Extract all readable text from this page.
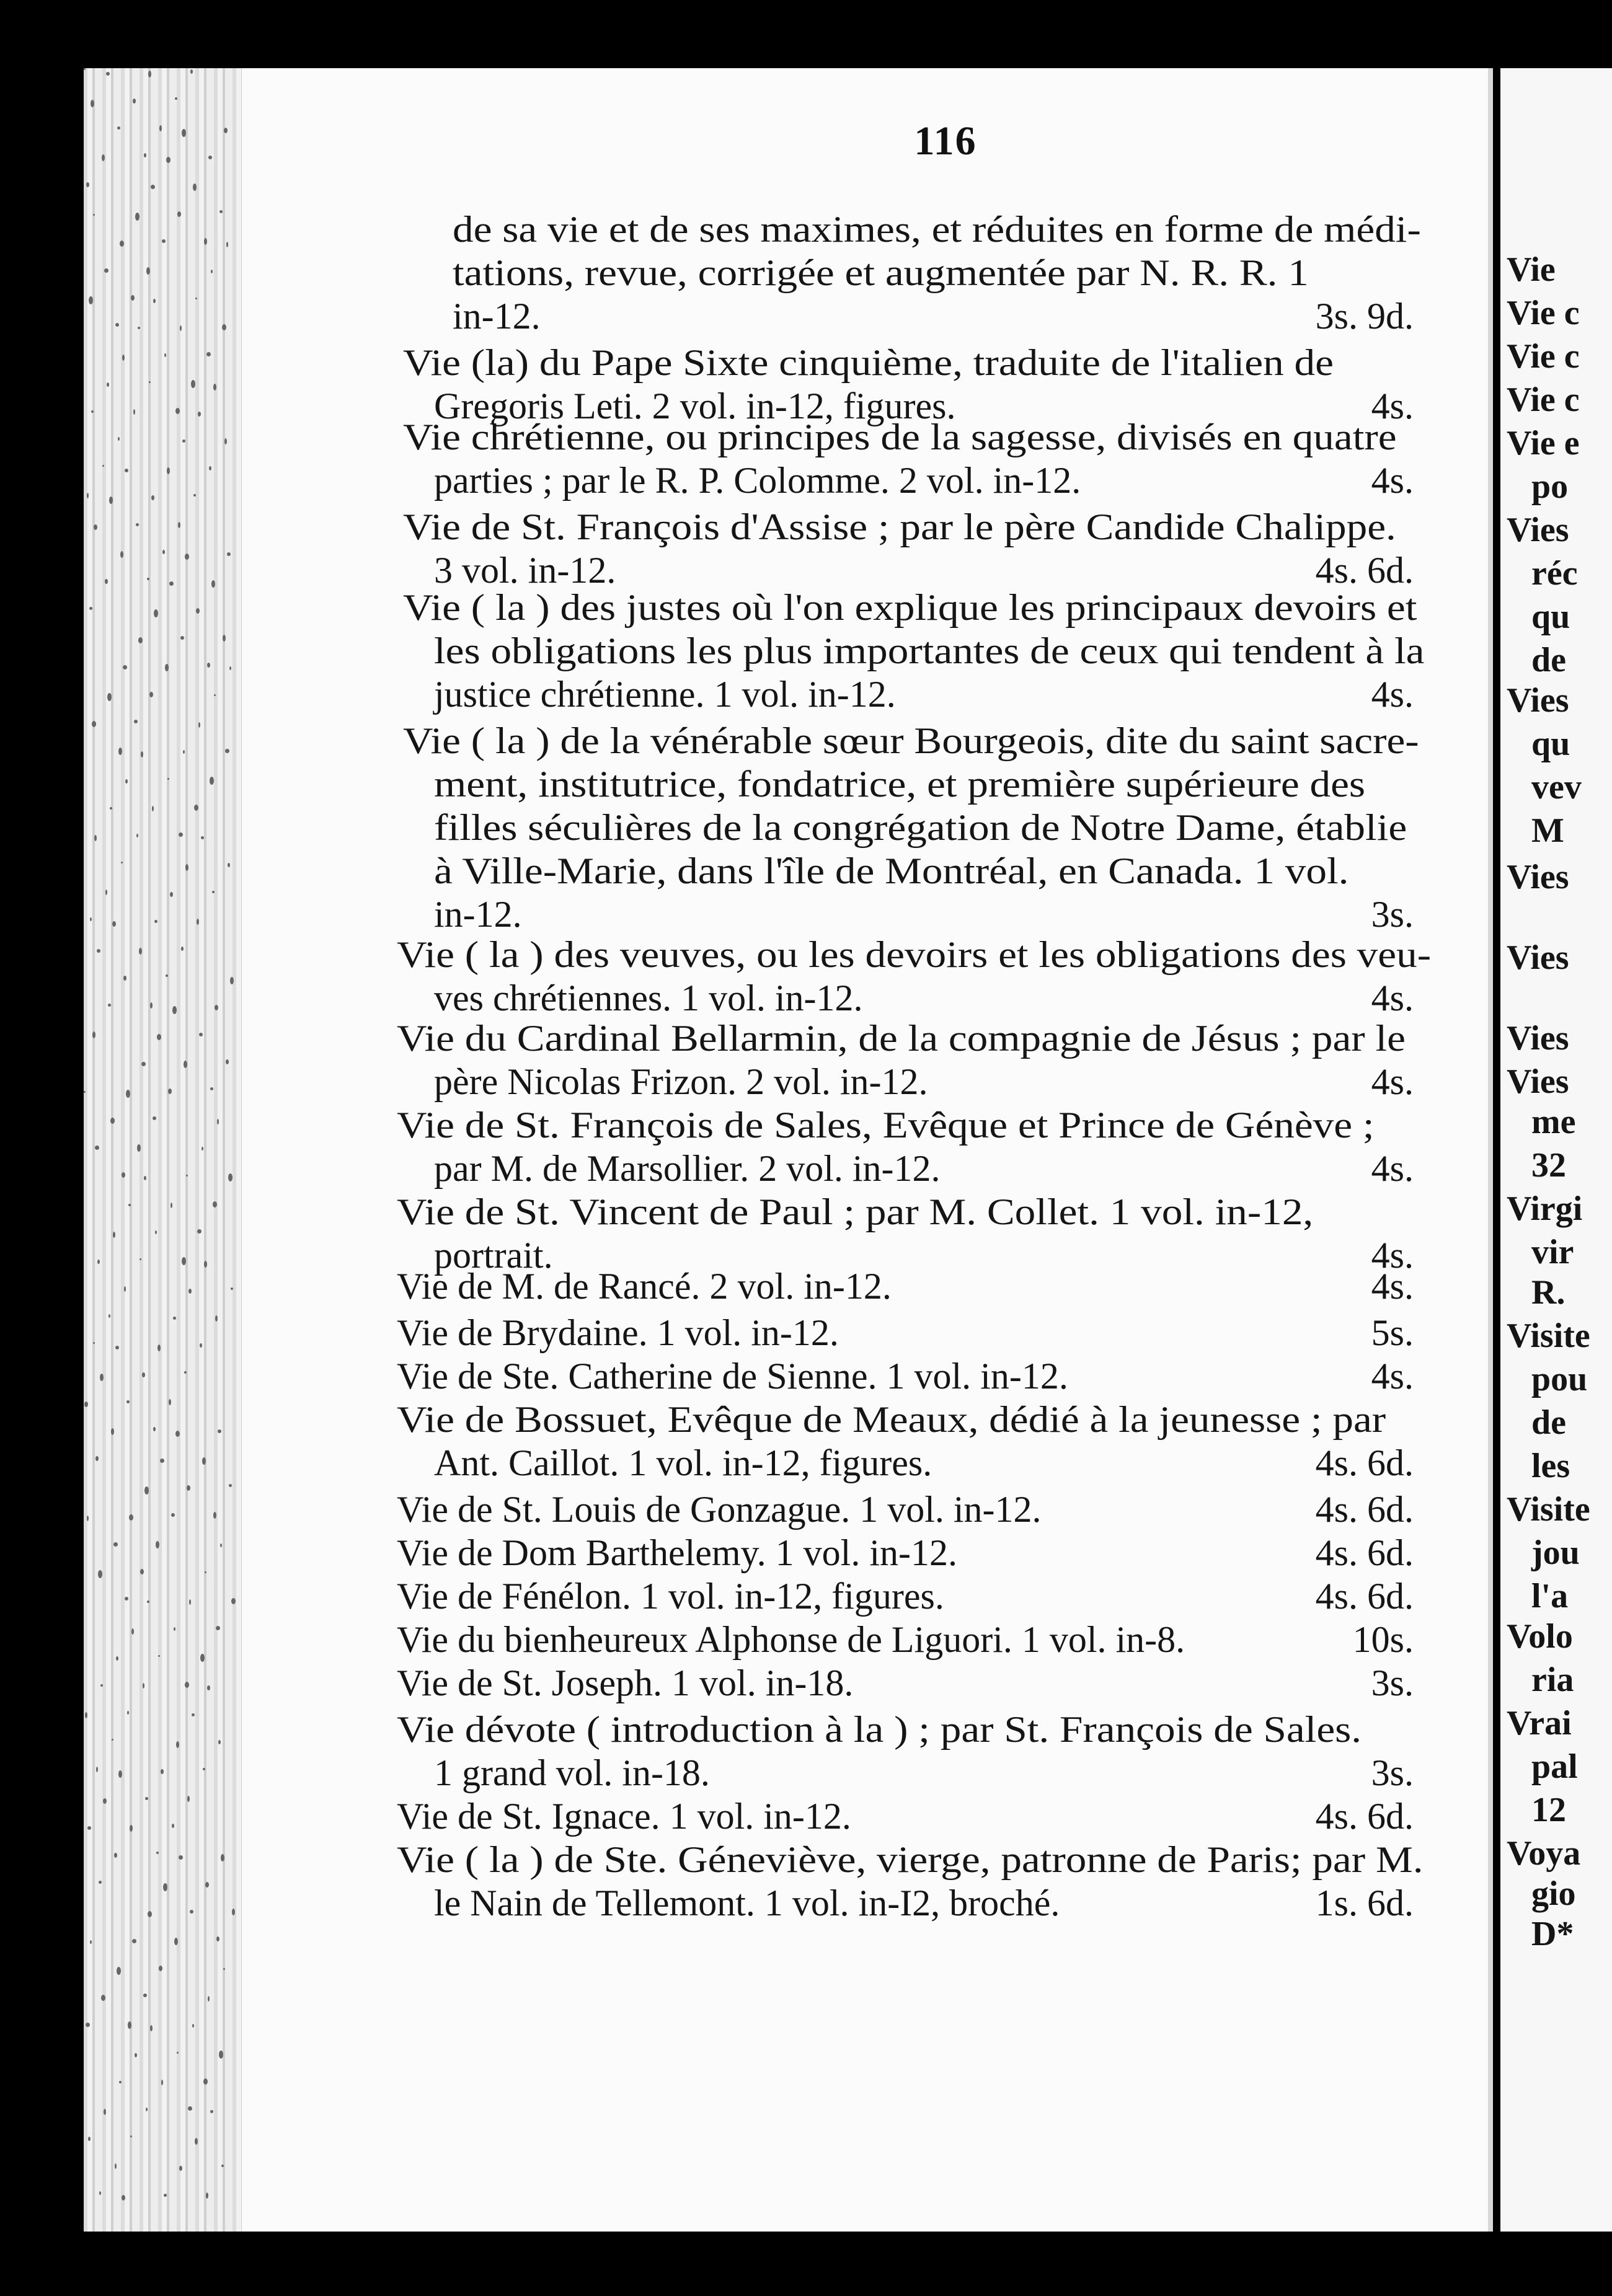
Vie
Vie c
Vie c
Vie c
Vie e
po
Vies
réc
qu
de
Vies
qu
vev
M
Vies
Vies
Vies
Vies
me
32
Virgi
vir
R.
Visite
pou
de
les
Visite
jou
l'a
Volo
ria
Vrai
pal
12
Voya
gio
D*
116
de sa vie et de ses maximes, et réduites en forme de médi-
tations, revue, corrigée et augmentée par N. R. R. 1
in-12.	3s. 9d.
Vie (la) du Pape Sixte cinquième, traduite de l'italien de
Gregoris Leti. 2 vol. in-12, figures.	4s.
Vie chrétienne, ou principes de la sagesse, divisés en quatre
parties ; par le R. P. Colomme. 2 vol. in-12.	4s.
Vie de St. François d'Assise ; par le père Candide Chalippe.
3 vol. in-12.	4s. 6d.
Vie ( la ) des justes où l'on explique les principaux devoirs et
les obligations les plus importantes de ceux qui tendent à la
justice chrétienne. 1 vol. in-12.	4s.
Vie ( la ) de la vénérable sœur Bourgeois, dite du saint sacre-
ment, institutrice, fondatrice, et première supérieure des
filles séculières de la congrégation de Notre Dame, établie
à Ville-Marie, dans l'île de Montréal, en Canada. 1 vol.
in-12.	3s.
Vie ( la ) des veuves, ou les devoirs et les obligations des veu-
ves chrétiennes. 1 vol. in-12.	4s.
Vie du Cardinal Bellarmin, de la compagnie de Jésus ; par le
père Nicolas Frizon. 2 vol. in-12.	4s.
Vie de St. François de Sales, Evêque et Prince de Génève ;
par M. de Marsollier. 2 vol. in-12.	4s.
Vie de St. Vincent de Paul ; par M. Collet. 1 vol. in-12,
portrait.	4s.
Vie de M. de Rancé. 2 vol. in-12.	4s.
Vie de Brydaine. 1 vol. in-12.	5s.
Vie de Ste. Catherine de Sienne. 1 vol. in-12.	4s.
Vie de Bossuet, Evêque de Meaux, dédié à la jeunesse ; par
Ant. Caillot. 1 vol. in-12, figures.	4s. 6d.
Vie de St. Louis de Gonzague. 1 vol. in-12.	4s. 6d.
Vie de Dom Barthelemy. 1 vol. in-12.	4s. 6d.
Vie de Fénélon. 1 vol. in-12, figures.	4s. 6d.
Vie du bienheureux Alphonse de Liguori. 1 vol. in-8.	10s.
Vie de St. Joseph. 1 vol. in-18.	3s.
Vie dévote ( introduction à la ) ; par St. François de Sales.
1 grand vol. in-18.	3s.
Vie de St. Ignace. 1 vol. in-12.	4s. 6d.
Vie ( la ) de Ste. Géneviève, vierge, patronne de Paris; par M.
le Nain de Tellemont. 1 vol. in-I2, broché.	1s. 6d.
